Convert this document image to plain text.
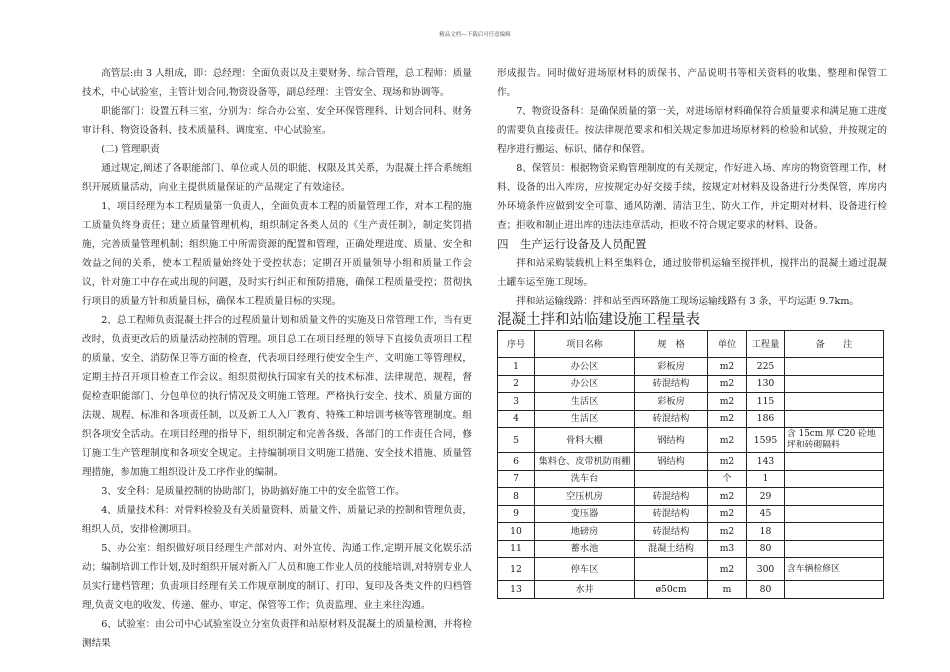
精品文档---下载后可任意编辑

高管层:由 3 人组成，即：总经理：全面负责以及主要财务、综合管理，总工程师：质量技术，中心试验室，主管计划合同,物资设备等，副总经理：主管安全、现场和协调等。

职能部门：设置五科三室，分别为：综合办公室、安全环保管理科、计划合同科、财务审计科、物资设备科、技术质量科、调度室、中心试验室。

(二) 管理职责

通过规定,阐述了各职能部门、单位或人员的职能、权限及其关系，为混凝土拌合系统组织开展质量活动，向业主提供质量保证的产品规定了有效途径。

1、项目经理为本工程质量第一负责人，全面负责本工程的质量管理工作，对本工程的施工质量负终身责任；建立质量管理机构，组织制定各类人员的《生产责任制》，制定奖罚措施，完善质量管理机制；组织施工中所需资源的配置和管理，正确处理进度、质量、安全和效益之间的关系，使本工程质量始终处于受控状态；定期召开质量领导小组和质量工作会议，针对施工中存在或出现的问题，及时实行纠正和预防措施，确保工程质量受控；贯彻执行项目的质量方针和质量目标，确保本工程质量目标的实现。

2、总工程师负责混凝土拌合的过程质量计划和质量文件的实施及日常管理工作，当有更改时，负责更改后的质量活动控制的管理。项目总工在项目经理的领导下直接负责项目工程的质量、安全、消防保卫等方面的检查，代表项目经理行使安全生产、文明施工等管理权，定期主持召开项目检查工作会议。组织贯彻执行国家有关的技术标准、法律规范、规程，督促检查职能部门、分包单位的执行情况及文明施工管理。严格执行安全、技术、质量方面的法规、规程、标准和各项责任制，以及新工人入厂教育、特殊工种培训考核等管理制度。组织各项安全活动。在项目经理的指导下，组织制定和完善各级、各部门的工作责任合同，修订施工生产管理制度和各项安全规定。主持编制项目文明施工措施、安全技术措施、质量管理措施，参加施工组织设计及工序作业的编制。

3、安全科：是质量控制的协助部门，协助搞好施工中的安全监管工作。

4、质量技术科：对骨料检验及有关质量资料、质量文件、质量记录的控制和管理负责，组织人员，安排检测项目。

5、办公室：组织做好项目经理生产部对内、对外宣传、沟通工作,定期开展文化娱乐活动；编制培训工作计划,及时组织开展对新入厂人员和施工作业人员的技能培训,对特别专业人员实行建档管理；负责项目经理有关工作规章制度的制订、打印、复印及各类文件的归档管理,负责文电的收发、传递、催办、审定、保管等工作；负责监理、业主来往沟通。

6、试验室：由公司中心试验室设立分室负责拌和站原材料及混凝土的质量检测，并将检测结果

形成报告。同时做好进场原材料的质保书、产品说明书等相关资料的收集、整理和保管工作。

7、物资设备科：是确保质量的第一关，对进场原材料确保符合质量要求和满足施工进度的需要负直接责任。按法律规范要求和相关规定参加进场原材料的检验和试验，并按规定的程序进行搬运、标识、储存和保管。

8、保管员：根据物资采购管理制度的有关规定，作好进入场、库房的物资管理工作，材料、设备的出入库房，应按规定办好交接手续，按规定对材料及设备进行分类保管，库房内外环境条件应做到安全可靠、通风防潮、清洁卫生、防火工作，并定期对材料、设备进行检查；拒收和制止进出库的违法违章活动，拒收不符合规定要求的材料、设备。

四　生产运行设备及人员配置

拌和站采购装载机上料至集料仓，通过胶带机运输至搅拌机，搅拌出的混凝土通过混凝土罐车运至施工现场。

拌和站运输线路：拌和站至西环路施工现场运输线路有 3 条，平均运距 9.7km。

混凝土拌和站临建设施工程量表

序号	项目名称	规　格	单位	工程量	备　　注
1	办公区	彩板房	m2	225	
2	办公区	砖混结构	m2	130	
3	生活区	彩板房	m2	115	
4	生活区	砖混结构	m2	186	
5	骨料大棚	钢结构	m2	1595	含 15cm 厚 C20 砼地坪和砖砌隔料
6	集料仓、皮带机防雨棚	钢结构	m2	143	
7	洗车台		个	1	
8	空压机房	砖混结构	m2	29	
9	变压器	砖混结构	m2	45	
10	地磅房	砖混结构	m2	18	
11	蓄水池	混凝土结构	m3	80	
12	停车区		m2	300	含车辆检修区
13	水井	ø50cm	m	80	
